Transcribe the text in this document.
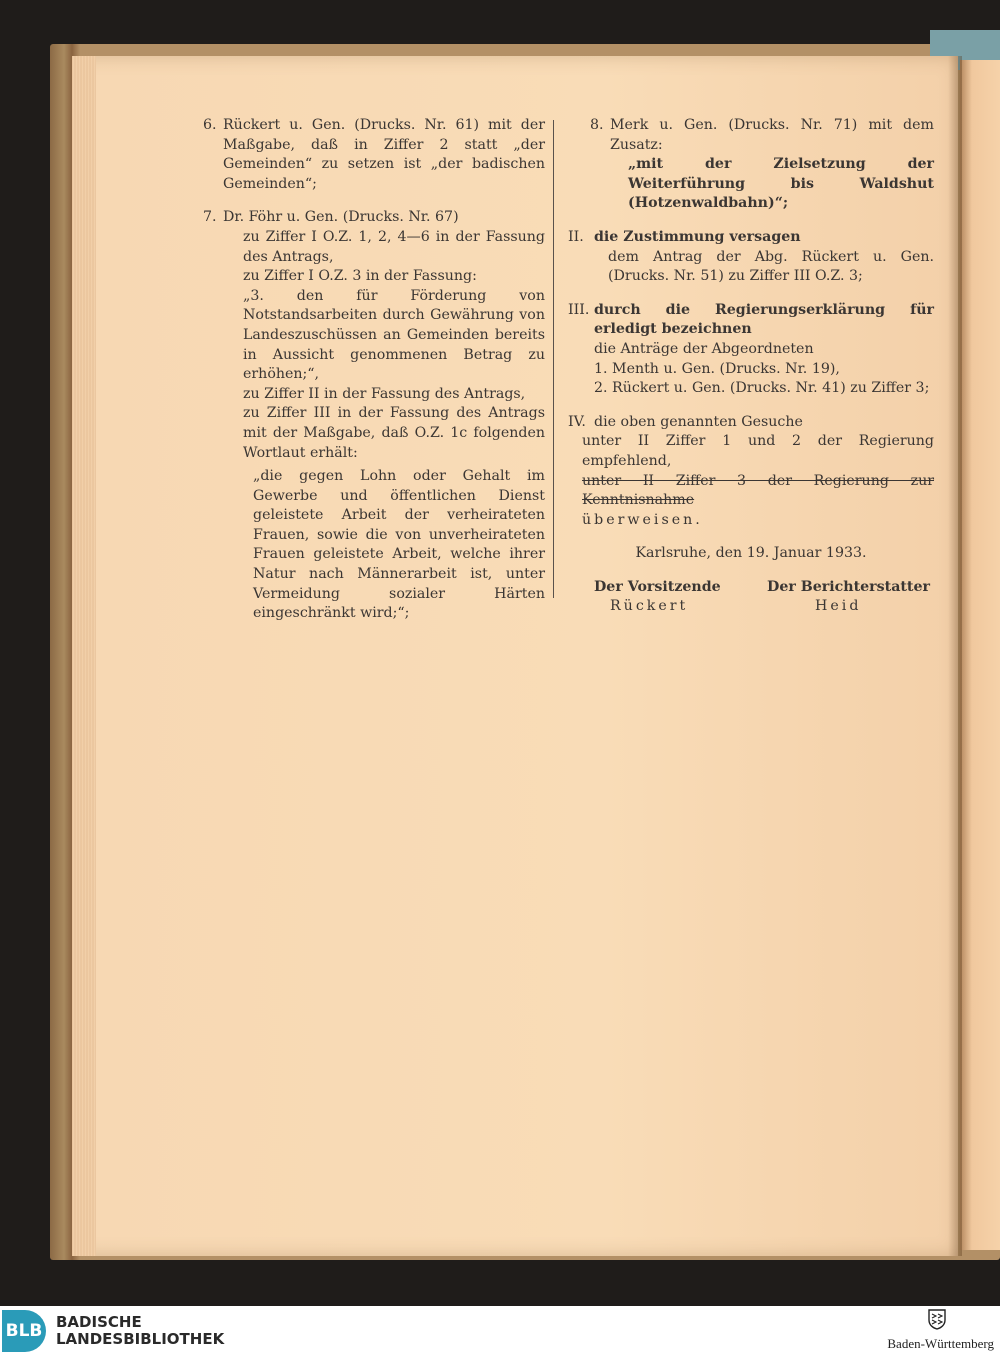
6. Rückert u. Gen. (Drucks. Nr. 61) mit der Maßgabe, daß in Ziffer 2 statt „der Gemeinden“ zu setzen ist „der badischen Gemeinden“;
7. Dr. Föhr u. Gen. (Drucks. Nr. 67)
zu Ziffer I O.Z. 1, 2, 4—6 in der Fassung des Antrags,
zu Ziffer I O.Z. 3 in der Fassung:
„3. den für Förderung von Notstandsarbeiten durch Gewährung von Landeszuschüssen an Gemeinden bereits in Aussicht genommenen Betrag zu erhöhen;“,
zu Ziffer II in der Fassung des Antrags,
zu Ziffer III in der Fassung des Antrags mit der Maßgabe, daß O.Z. 1c folgenden Wortlaut erhält:
„die gegen Lohn oder Gehalt im Gewerbe und öffentlichen Dienst geleistete Arbeit der verheirateten Frauen, sowie die von unverheirateten Frauen geleistete Arbeit, welche ihrer Natur nach Männerarbeit ist, unter Vermeidung sozialer Härten eingeschränkt wird;“;
8. Merk u. Gen. (Drucks. Nr. 71) mit dem Zusatz:
„mit der Zielsetzung der Weiterführung bis Waldshut (Hotzenwaldbahn)“;
II. die Zustimmung versagen
dem Antrag der Abg. Rückert u. Gen. (Drucks. Nr. 51) zu Ziffer III O.Z. 3;
III. durch die Regierungserklärung für erledigt bezeichnen
die Anträge der Abgeordneten
1. Menth u. Gen. (Drucks. Nr. 19),
2. Rückert u. Gen. (Drucks. Nr. 41) zu Ziffer 3;
IV. die oben genannten Gesuche
unter II Ziffer 1 und 2 der Regierung empfehlend,
unter II Ziffer 3 der Regierung zur Kenntnisnahme
überweisen.
Karlsruhe, den 19. Januar 1933.
Der Vorsitzende
Rückert
Der Berichterstatter
Heid
BLB BADISCHE
LANDESBIBLIOTHEK	Baden-Württemberg
